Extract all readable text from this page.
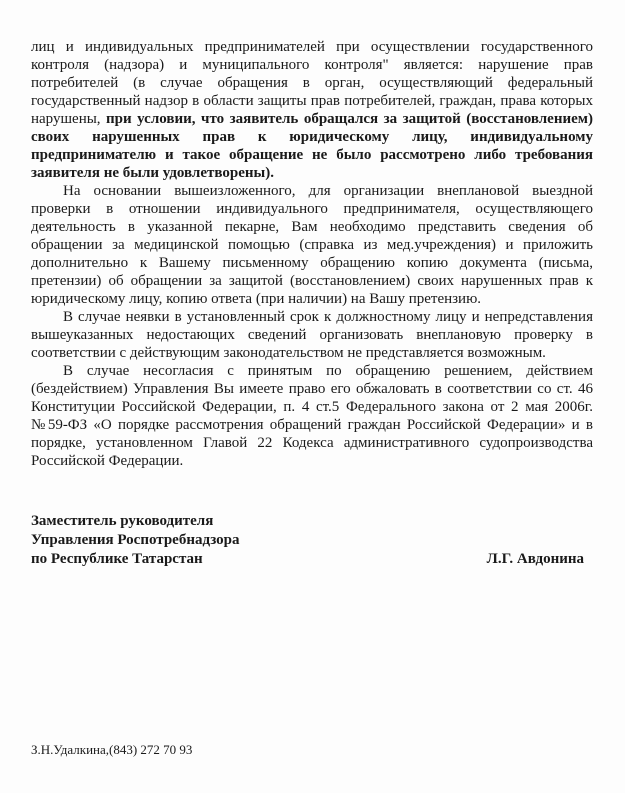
лиц и индивидуальных предпринимателей при осуществлении государственного контроля (надзора) и муниципального контроля" является: нарушение прав потребителей (в случае обращения в орган, осуществляющий федеральный государственный надзор в области защиты прав потребителей, граждан, права которых нарушены, при условии, что заявитель обращался за защитой (восстановлением) своих нарушенных прав к юридическому лицу, индивидуальному предпринимателю и такое обращение не было рассмотрено либо требования заявителя не были удовлетворены).

На основании вышеизложенного, для организации внеплановой выездной проверки в отношении индивидуального предпринимателя, осуществляющего деятельность в указанной пекарне, Вам необходимо представить сведения об обращении за медицинской помощью (справка из мед.учреждения) и приложить дополнительно к Вашему письменному обращению копию документа (письма, претензии) об обращении за защитой (восстановлением) своих нарушенных прав к юридическому лицу, копию ответа (при наличии) на Вашу претензию.

В случае неявки в установленный срок к должностному лицу и непредставления вышеуказанных недостающих сведений организовать внеплановую проверку в соответствии с действующим законодательством не представляется возможным.

В случае несогласия с принятым по обращению решением, действием (бездействием) Управления Вы имеете право его обжаловать в соответствии со ст. 46 Конституции Российской Федерации, п. 4 ст.5 Федерального закона от 2 мая 2006г. №59-ФЗ «О порядке рассмотрения обращений граждан Российской Федерации» и в порядке, установленном Главой 22 Кодекса административного судопроизводства Российской Федерации.

Заместитель руководителя
Управления Роспотребнадзора
по Республике Татарстан	Л.Г. Авдонина
З.Н.Удалкина,(843) 272 70 93
